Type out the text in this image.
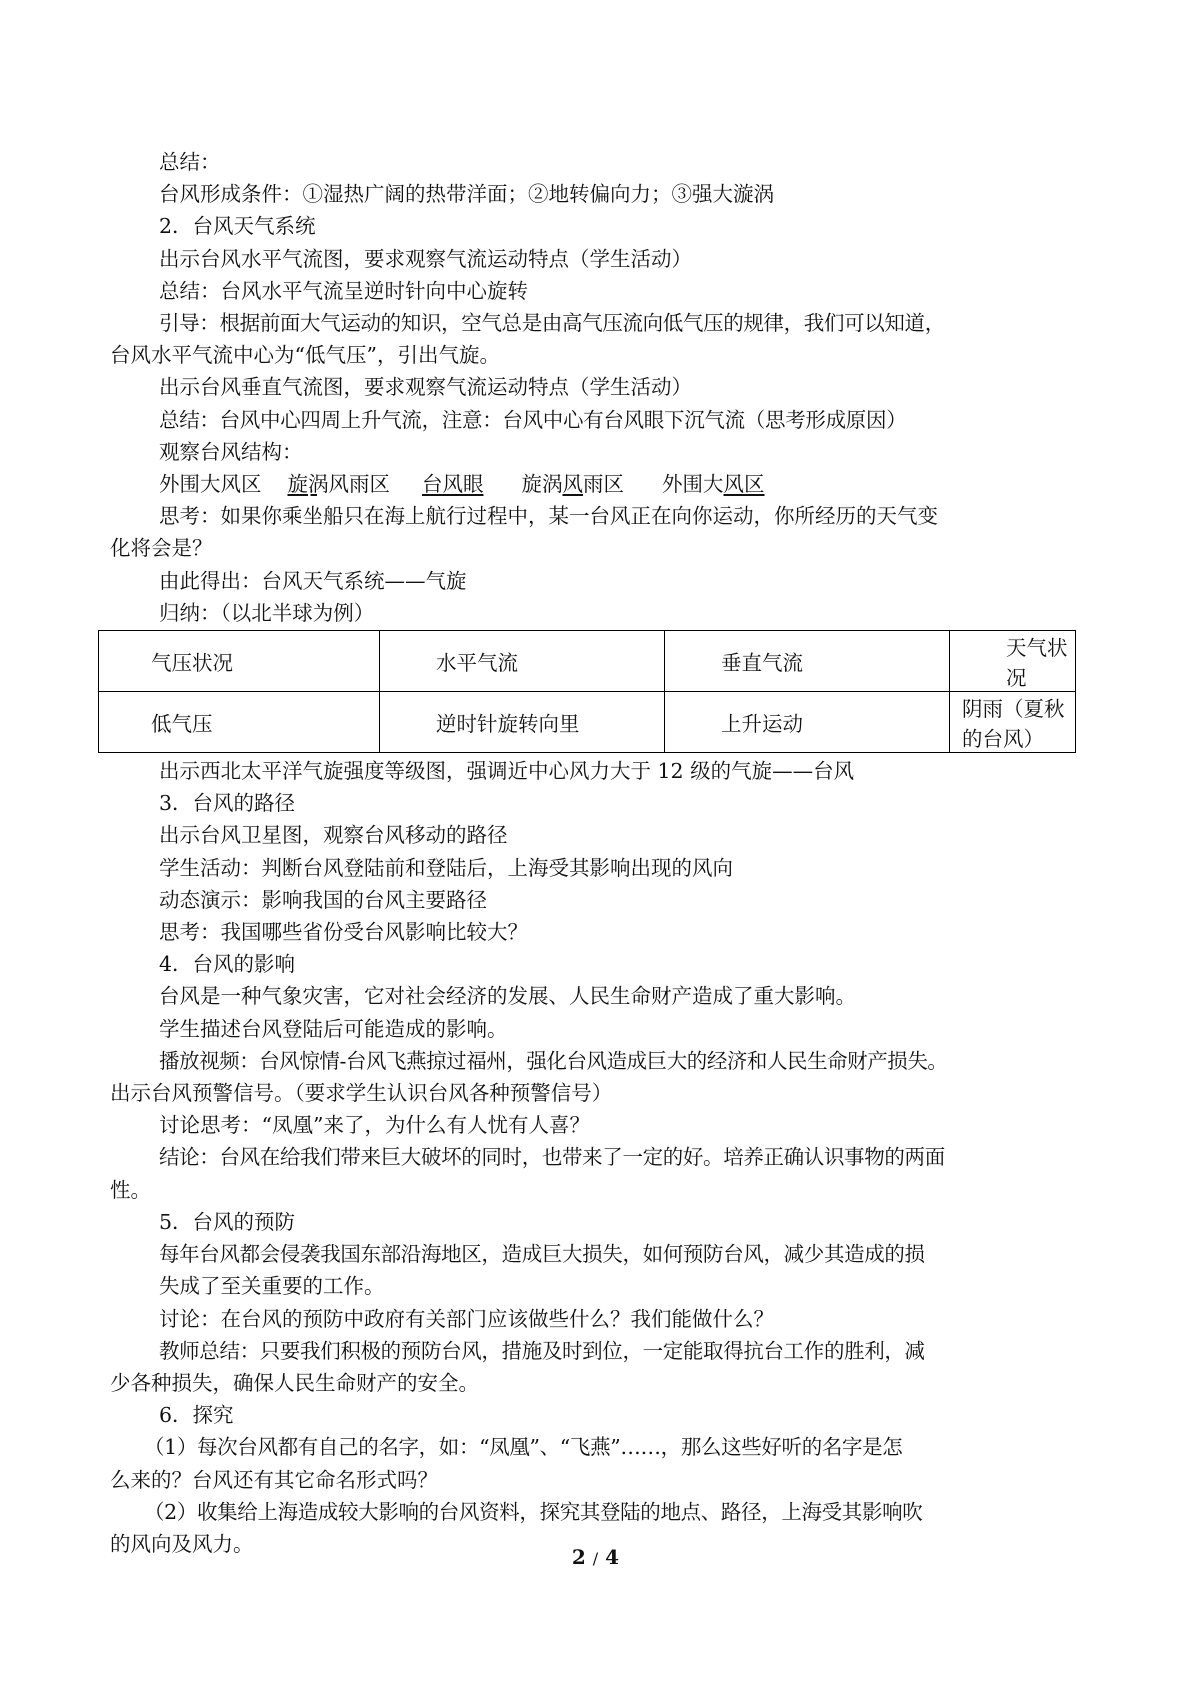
总结：

台风形成条件：①湿热广阔的热带洋面；②地转偏向力；③强大漩涡

2．台风天气系统

出示台风水平气流图，要求观察气流运动特点（学生活动）

总结：台风水平气流呈逆时针向中心旋转

引导：根据前面大气运动的知识，空气总是由高气压流向低气压的规律，我们可以知道，

台风水平气流中心为“低气压”，引出气旋。

出示台风垂直气流图，要求观察气流运动特点（学生活动）

总结：台风中心四周上升气流，注意：台风中心有台风眼下沉气流（思考形成原因）

观察台风结构：

外围大风区 旋涡风雨区 台风眼 旋涡风雨区 外围大风区

思考：如果你乘坐船只在海上航行过程中，某一台风正在向你运动，你所经历的天气变

化将会是？

由此得出：台风天气系统——气旋

归纳：（以北半球为例）

气压状况	水平气流	垂直气流	天气状况
低气压	逆时针旋转向里	上升运动	阴雨（夏秋的台风）

出示西北太平洋气旋强度等级图，强调近中心风力大于 12 级的气旋——台风

3．台风的路径

出示台风卫星图，观察台风移动的路径

学生活动：判断台风登陆前和登陆后，上海受其影响出现的风向

动态演示：影响我国的台风主要路径

思考：我国哪些省份受台风影响比较大？

4．台风的影响

台风是一种气象灾害，它对社会经济的发展、人民生命财产造成了重大影响。

学生描述台风登陆后可能造成的影响。

播放视频：台风惊情-台风飞燕掠过福州，强化台风造成巨大的经济和人民生命财产损失。

出示台风预警信号。（要求学生认识台风各种预警信号）

讨论思考：“凤凰”来了，为什么有人忧有人喜？

结论：台风在给我们带来巨大破坏的同时，也带来了一定的好。培养正确认识事物的两面

性。

5．台风的预防

每年台风都会侵袭我国东部沿海地区，造成巨大损失，如何预防台风，减少其造成的损

失成了至关重要的工作。

讨论：在台风的预防中政府有关部门应该做些什么？我们能做什么？

教师总结：只要我们积极的预防台风，措施及时到位，一定能取得抗台工作的胜利，减

少各种损失，确保人民生命财产的安全。

6．探究

（1）每次台风都有自己的名字，如：“凤凰”、“飞燕”……，那么这些好听的名字是怎

么来的？台风还有其它命名形式吗？

（2）收集给上海造成较大影响的台风资料，探究其登陆的地点、路径，上海受其影响吹

的风向及风力。

2 / 4
